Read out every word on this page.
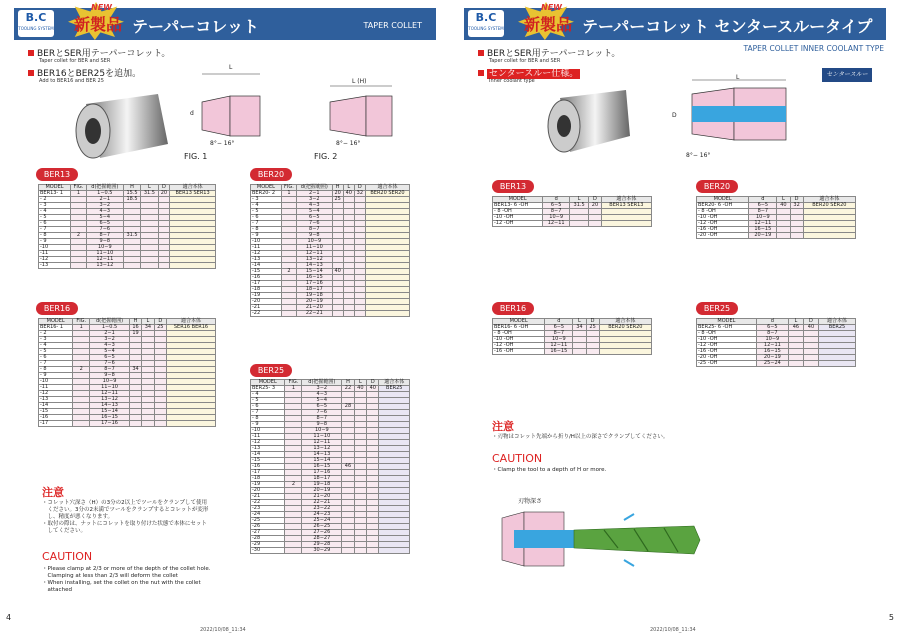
B.C
TOOLING SYSTEM
NEW
新製品 テーパーコレット	TAPER COLLET
BERとSER用テーパーコレット。
Taper collet for BER and SER
BER16とBER25を追加。
Add to BER16 and BER 25
L
L (H)
d
8°− 16°	8°− 16°
FIG. 1	FIG. 2
BER13
MODEL	FIG.	d(把握範囲)	H	L	D	適合本体
BER13- 1	1	1−0.5	15.5	31.5	20	BER13 SER13
- 2		2−1	18.5			
- 3		3−2				
- 4		4−3				
- 5		5−4				
- 6		6−5				
- 7		7−6				
- 8	2	8−7	31.5			
- 9		9−8				
-10		10−9				
-11		11−10				
-12		12−11				
-13		13−12				
BER16
MODEL	FIG.	d(把握範囲)	H	L	D	適合本体
BER16- 1	1	1−0.5	16	34	25	SER16 BER16
- 2		2−1	19			
- 3		3−2				
- 4		4−3				
- 5		5−4				
- 6		6−5				
- 7		7−6				
- 8	2	8−7	34			
- 9		9−8				
-10		10−9				
-11		11−10				
-12		12−11				
-13		13−12				
-14		14−13				
-15		15−14				
-16		16−15				
-17		17−16				
BER20
MODEL	FIG.	d(把握範囲)	H	L	D	適合本体
BER20- 2	1	2−1	20	40	32	BER20 SER20
- 3		3−2	25			
- 4		4−3				
- 5		5−4				
- 6		6−5				
- 7		7−6				
- 8		8−7				
- 9		9−8				
-10		10−9				
-11		11−10				
-12		12−11				
-13		13−12				
-14		14−13				
-15	2	15−14	40			
-16		16−15				
-17		17−16				
-18		18−17				
-19		19−18				
-20		20−19				
-21		21−20				
-22		22−21				
BER25
MODEL	FIG.	d(把握範囲)	H	L	D	適合本体
BER25- 3	1	3−2	22	40	40	BER25
- 4		4−3				
- 5		5−4				
- 6		6−5	28			
- 7		7−6				
- 8		8−7				
- 9		9−8				
-10		10−9				
-11		11−10				
-12		12−11				
-13		13−12				
-14		14−13				
-15		15−14				
-16		16−15	46			
-17		17−16				
-18		18−17				
-19	2	19−18				
-20		20−19				
-21		21−20				
-22		22−21				
-23		23−22				
-24		24−23				
-25		25−24				
-26		26−25				
-27		27−26				
-28		28−27				
-29		29−28				
-30		30−29				
注意
・コレット穴深さ（H）の3分の2以上でツールをクランプして使用
　ください。3分の2未満でツールをクランプするとコレットが変形
　し、精度が悪くなります。
・取付の際は、ナットにコレットを取り付けた状態で本体にセット
　してください。
CAUTION
・Please clamp at 2/3 or more of the depth of the collet hole.
　Clamping at less than 2/3 will deform the collet
・When installing, set the collet on the nut with the collet
　attached
4
2022/10/08_11:34
B.C
TOOLING SYSTEM
NEW
新製品 テーパーコレット センタースルータイプ
TAPER COLLET INNER COOLANT TYPE
BERとSER用テーパーコレット。
Taper collet for BER and SER
センタースルー仕様。
Inner coolant type
センタースルー
L
D
8°− 16°
BER13
MODEL	d	L	D	適合本体
BER13- 6 -OH	6−5	31.5	20	BER13 SER13
- 8 -OH	8−7			
-10 -OH	10−9			
-12 -OH	12−11			
BER20
MODEL	d	L	D	適合本体
BER20- 6 -OH	6−5	40	32	BER20 SER20
- 8 -OH	8−7			
-10 -OH	10−9			
-12 -OH	12−11			
-16 -OH	16−15			
-20 -OH	20−19			
BER16
MODEL	d	L	D	適合本体
BER16- 6 -OH	6−5	34	25	BER20 SER20
- 8 -OH	8−7			
-10 -OH	10−9			
-12 -OH	12−11			
-16 -OH	16−15			
BER25
MODEL	d	L	D	適合本体
BER25- 6 -OH	6−5	46	40	BER25
- 8 -OH	8−7			
-10 -OH	10−9			
-12 -OH	12−11			
-16 -OH	16−15			
-20 -OH	20−19			
-25 -OH	25−24			
注意
・刃物はコレット先端から折り/H以上の深さでクランプしてください。
CAUTION
・Clamp the tool to a depth of H or more.
刃物深さ
5
2022/10/08_11:34
